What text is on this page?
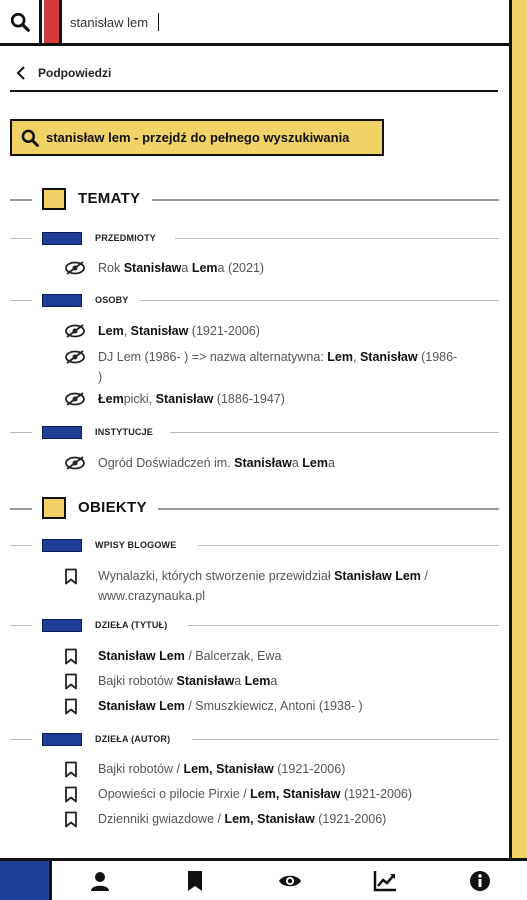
stanisław lem
Podpowiedzi
stanisław lem - przejdź do pełnego wyszukiwania
TEMATY
PRZEDMIOTY
Rok Stanisława Lema (2021)
OSOBY
Lem, Stanisław (1921-2006)
DJ Lem (1986- ) => nazwa alternatywna: Lem, Stanisław (1986-
)
Łempicki, Stanisław (1886-1947)
INSTYTUCJE
Ogród Doświadczeń im. Stanisława Lema
OBIEKTY
WPISY BLOGOWE
Wynalazki, których stworzenie przewidział Stanisław Lem /
www.crazynauka.pl
DZIEŁA (TYTUŁ)
Stanisław Lem / Balcerzak, Ewa
Bajki robotów Stanisława Lema
Stanisław Lem / Smuszkiewicz, Antoni (1938- )
DZIEŁA (AUTOR)
Bajki robotów / Lem, Stanisław (1921-2006)
Opowieści o pilocie Pirxie / Lem, Stanisław (1921-2006)
Dzienniki gwiazdowe / Lem, Stanisław (1921-2006)
